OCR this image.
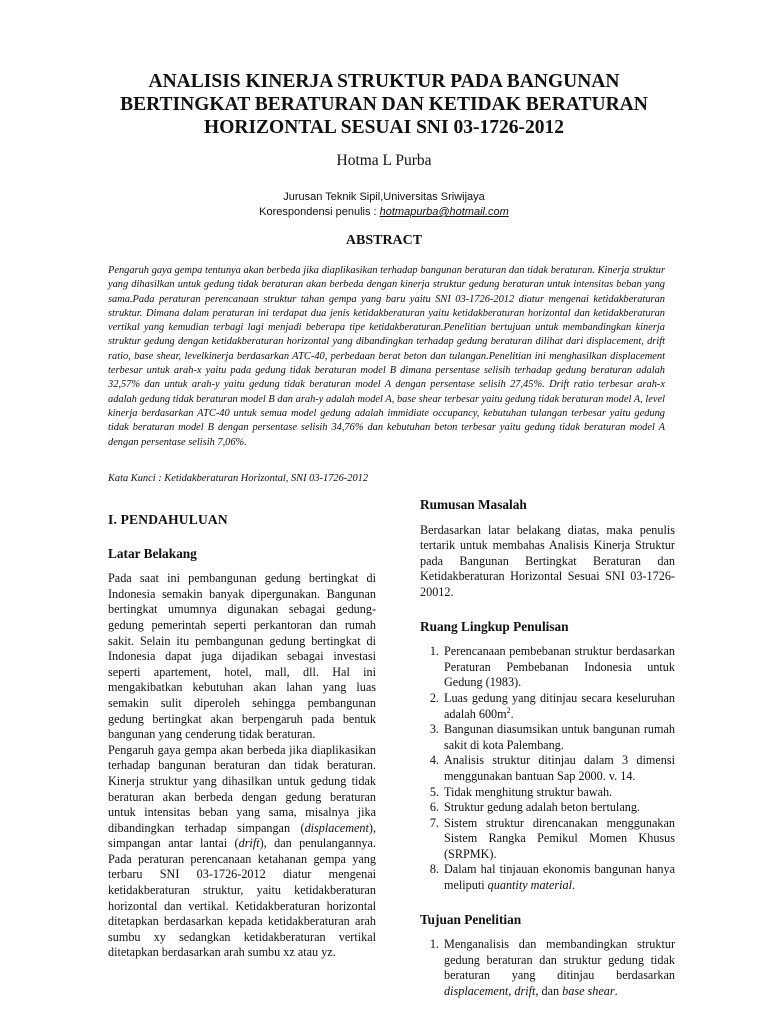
ANALISIS KINERJA STRUKTUR PADA BANGUNAN BERTINGKAT BERATURAN DAN KETIDAK BERATURAN HORIZONTAL SESUAI SNI 03-1726-2012

Hotma L Purba

Jurusan Teknik Sipil,Universitas Sriwijaya
Korespondensi penulis : hotmapurba@hotmail.com
ABSTRACT

Pengaruh gaya gempa tentunya akan berbeda jika diaplikasikan terhadap bangunan beraturan dan tidak beraturan. Kinerja struktur yang dihasilkan untuk gedung tidak beraturan akan berbeda dengan kinerja struktur gedung beraturan untuk intensitas beban yang sama.Pada peraturan perencanaan struktur tahan gempa yang baru yaitu SNI 03-1726-2012 diatur mengenai ketidakberaturan struktur. Dimana dalam peraturan ini terdapat dua jenis ketidakberaturan yaitu ketidakberaturan horizontal dan ketidakberaturan vertikal yang kemudian terbagi lagi menjadi beberapa tipe ketidakberaturan.Penelitian bertujuan untuk membandingkan kinerja struktur gedung dengan ketidakberaturan horizontal yang dibandingkan terhadap gedung beraturan dilihat dari displacement, drift ratio, base shear, levelkinerja berdasarkan ATC-40, perbedaan berat beton dan tulangan.Penelitian ini menghasilkan displacement terbesar untuk arah-x yaitu pada gedung tidak beraturan model B dimana persentase selisih terhadap gedung beraturan adalah 32,57% dan untuk arah-y yaitu gedung tidak beraturan model A dengan persentase selisih 27,45%. Drift ratio terbesar arah-x adalah gedung tidak beraturan model B dan arah-y adalah model A, base shear terbesar yaitu gedung tidak beraturan model A, level kinerja berdasarkan ATC-40 untuk semua model gedung adalah immidiate occupancy, kebutuhan tulangan terbesar yaitu gedung tidak beraturan model B dengan persentase selisih 34,76% dan kebutuhan beton terbesar yaitu gedung tidak beraturan model A dengan persentase selisih 7,06%.

Kata Kunci : Ketidakberaturan Horizontal, SNI 03-1726-2012

I. PENDAHULUAN
Latar Belakang

Pada saat ini pembangunan gedung bertingkat di Indonesia semakin banyak dipergunakan. Bangunan bertingkat umumnya digunakan sebagai gedung-gedung pemerintah seperti perkantoran dan rumah sakit. Selain itu pembangunan gedung bertingkat di Indonesia dapat juga dijadikan sebagai investasi seperti apartement, hotel, mall, dll. Hal ini mengakibatkan kebutuhan akan lahan yang luas semakin sulit diperoleh sehingga pembangunan gedung bertingkat akan berpengaruh pada bentuk bangunan yang cenderung tidak beraturan.

Pengaruh gaya gempa akan berbeda jika diaplikasikan terhadap bangunan beraturan dan tidak beraturan. Kinerja struktur yang dihasilkan untuk gedung tidak beraturan akan berbeda dengan gedung beraturan untuk intensitas beban yang sama, misalnya jika dibandingkan terhadap simpangan (displacement), simpangan antar lantai (drift), dan penulangannya. Pada peraturan perencanaan ketahanan gempa yang terbaru SNI 03-1726-2012 diatur mengenai ketidakberaturan struktur, yaitu ketidakberaturan horizontal dan vertikal. Ketidakberaturan horizontal ditetapkan berdasarkan kepada ketidakberaturan arah sumbu xy sedangkan ketidakberaturan vertikal ditetapkan berdasarkan arah sumbu xz atau yz.

Rumusan Masalah

Berdasarkan latar belakang diatas, maka penulis tertarik untuk membahas Analisis Kinerja Struktur pada Bangunan Bertingkat Beraturan dan Ketidakberaturan Horizontal Sesuai SNI 03-1726-20012.

Ruang Lingkup Penulisan
1. Perencanaan pembebanan struktur berdasarkan Peraturan Pembebanan Indonesia untuk Gedung (1983).
2. Luas gedung yang ditinjau secara keseluruhan adalah $600m^2$.
3. Bangunan diasumsikan untuk bangunan rumah sakit di kota Palembang.
4. Analisis struktur ditinjau dalam 3 dimensi menggunakan bantuan Sap 2000. v. 14.
5. Tidak menghitung struktur bawah.
6. Struktur gedung adalah beton bertulang.
7. Sistem struktur direncanakan menggunakan Sistem Rangka Pemikul Momen Khusus (SRPMK).
8. Dalam hal tinjauan ekonomis bangunan hanya meliputi quantity material.
Tujuan Penelitian
1. Menganalisis dan membandingkan struktur gedung beraturan dan struktur gedung tidak beraturan yang ditinjau berdasarkan displacement, drift, dan base shear.
